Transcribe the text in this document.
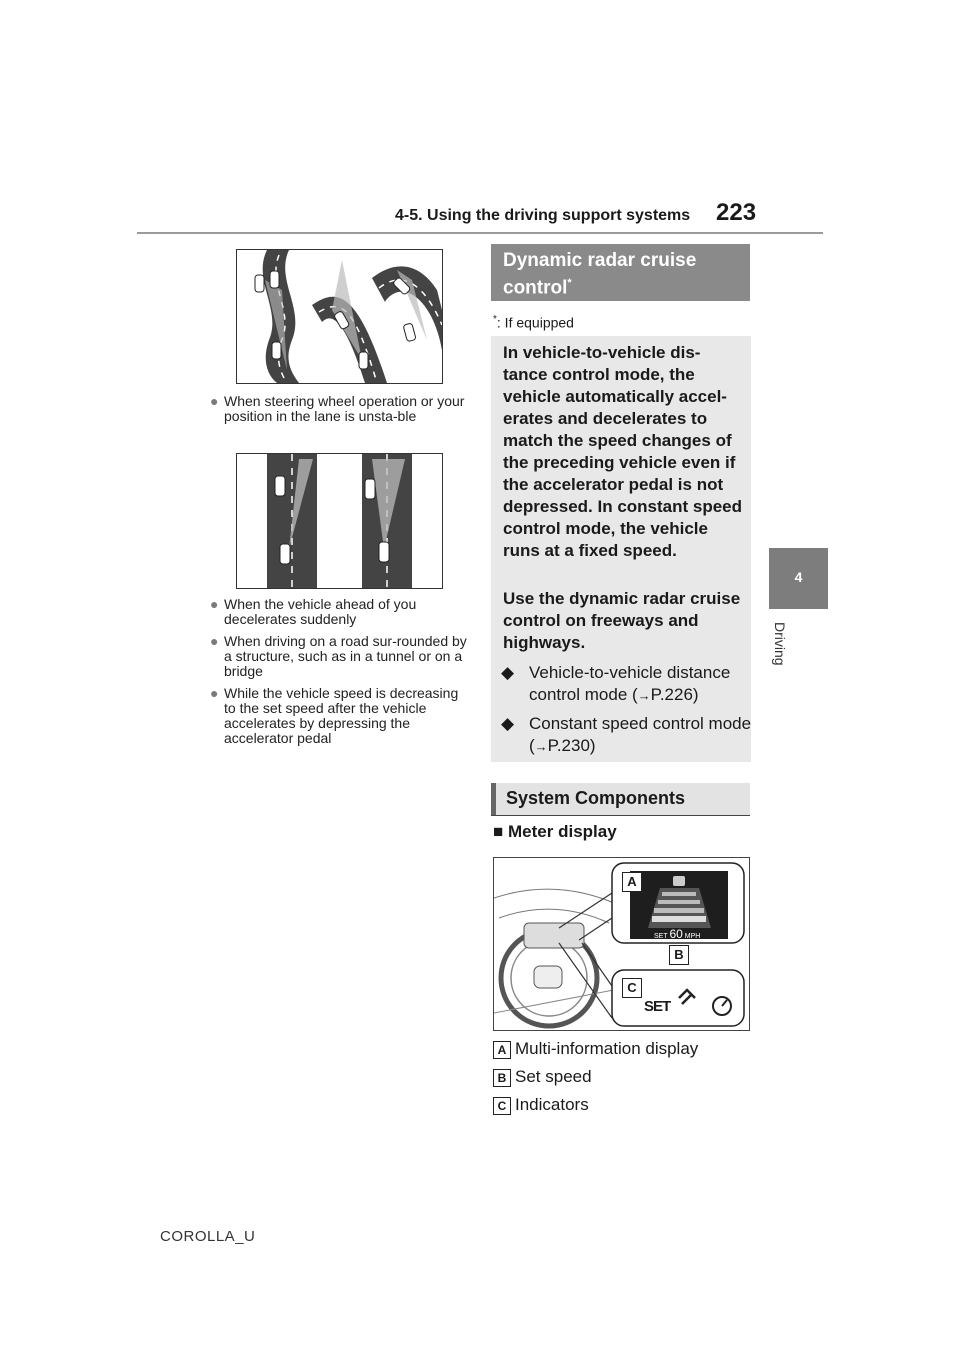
4-5. Using the driving support systems 223
4
Driving
● When steering wheel operation or your position in the lane is unsta-ble
● When the vehicle ahead of you decelerates suddenly
● When driving on a road sur-rounded by a structure, such as in a tunnel or on a bridge
● While the vehicle speed is decreasing to the set speed after the vehicle accelerates by depressing the accelerator pedal
Dynamic radar cruise
control*
*: If equipped
In vehicle-to-vehicle dis-tance control mode, the vehicle automatically accel-erates and decelerates to match the speed changes of the preceding vehicle even if the accelerator pedal is not depressed. In constant speed control mode, the vehicle runs at a fixed speed.
Use the dynamic radar cruise control on freeways and highways.
◆ Vehicle-to-vehicle distance control mode (→P.226)
◆ Constant speed control mode (→P.230)
System Components
■ Meter display
A
B
C
SET 60 MPH
SET
A Multi-information display
B Set speed
C Indicators
COROLLA_U
